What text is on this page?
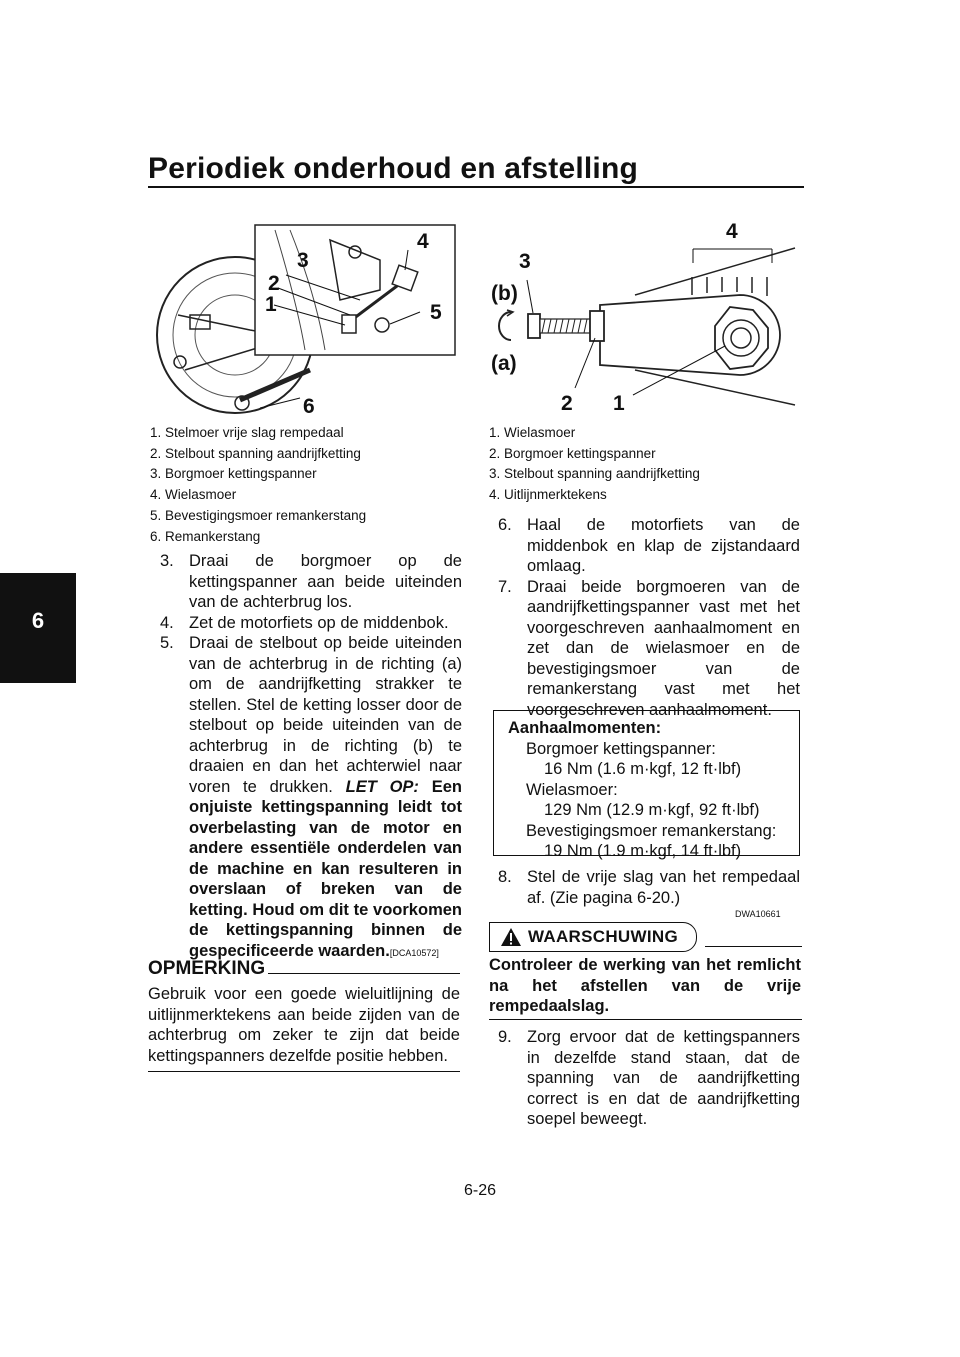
Periodiek onderhoud en afstelling
6
1
2
3
4
5
6
1. Stelmoer vrije slag rempedaal
2. Stelbout spanning aandrijfketting
3. Borgmoer kettingspanner
4. Wielasmoer
5. Bevestigingsmoer remankerstang
6. Remankerstang
3
4
(b)
(a)
2 1
1. Wielasmoer
2. Borgmoer kettingspanner
3. Stelbout spanning aandrijfketting
4. Uitlijnmerktekens
3. Draai de borgmoer op de kettingspanner aan beide uiteinden van de achterbrug los.
4. Zet de motorfiets op de middenbok.
5. Draai de stelbout op beide uiteinden van de achterbrug in de richting (a) om de aandrijfketting strakker te stellen. Stel de ketting losser door de stelbout op beide uiteinden van de achterbrug in de richting (b) te draaien en dan het achterwiel naar voren te drukken. LET OP: Een onjuiste kettingspanning leidt tot overbelasting van de motor en andere essentiële onderdelen van de machine en kan resulteren in overslaan of breken van de ketting. Houd om dit te voorkomen de kettingspanning binnen de gespecificeerde waarden.[DCA10572]
OPMERKING
Gebruik voor een goede wieluitlijning de uitlijnmerktekens aan beide zijden van de achterbrug om zeker te zijn dat beide kettingspanners dezelfde positie hebben.
6. Haal de motorfiets van de middenbok en klap de zijstandaard omlaag.
7. Draai beide borgmoeren van de aandrijfkettingspanner vast met het voorgeschreven aanhaalmoment en zet dan de wielasmoer en de bevestigingsmoer van de remankerstang vast met het voorgeschreven aanhaalmoment.
Aanhaalmomenten:
Borgmoer kettingspanner:
16 Nm (1.6 m·kgf, 12 ft·lbf)
Wielasmoer:
129 Nm (12.9 m·kgf, 92 ft·lbf)
Bevestigingsmoer remankerstang:
19 Nm (1.9 m·kgf, 14 ft·lbf)
8. Stel de vrije slag van het rempedaal af. (Zie pagina 6-20.)
DWA10661
WAARSCHUWING
Controleer de werking van het remlicht na het afstellen van de vrije rempedaalslag.
9. Zorg ervoor dat de kettingspanners in dezelfde stand staan, dat de spanning van de aandrijfketting correct is en dat de aandrijfketting soepel beweegt.
6-26
